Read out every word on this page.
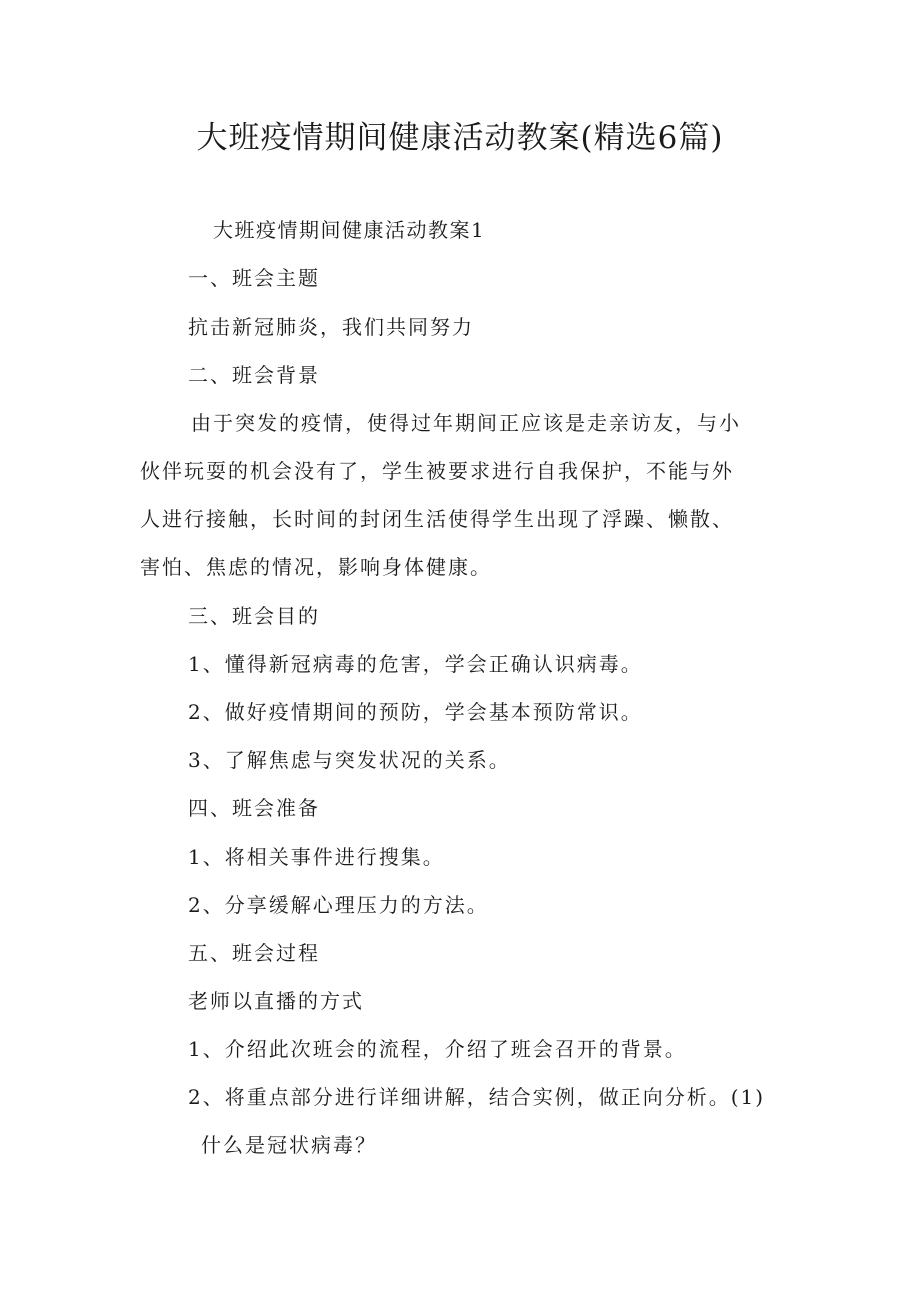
大班疫情期间健康活动教案(精选6篇)

大班疫情期间健康活动教案1

一、班会主题

抗击新冠肺炎，我们共同努力

二、班会背景

由于突发的疫情，使得过年期间正应该是走亲访友，与小

伙伴玩耍的机会没有了，学生被要求进行自我保护，不能与外

人进行接触，长时间的封闭生活使得学生出现了浮躁、懒散、

害怕、焦虑的情况，影响身体健康。

三、班会目的

1、懂得新冠病毒的危害，学会正确认识病毒。

2、做好疫情期间的预防，学会基本预防常识。

3、了解焦虑与突发状况的关系。

四、班会准备

1、将相关事件进行搜集。

2、分享缓解心理压力的方法。

五、班会过程

老师以直播的方式

1、介绍此次班会的流程，介绍了班会召开的背景。

2、将重点部分进行详细讲解，结合实例，做正向分析。(1)

什么是冠状病毒？
